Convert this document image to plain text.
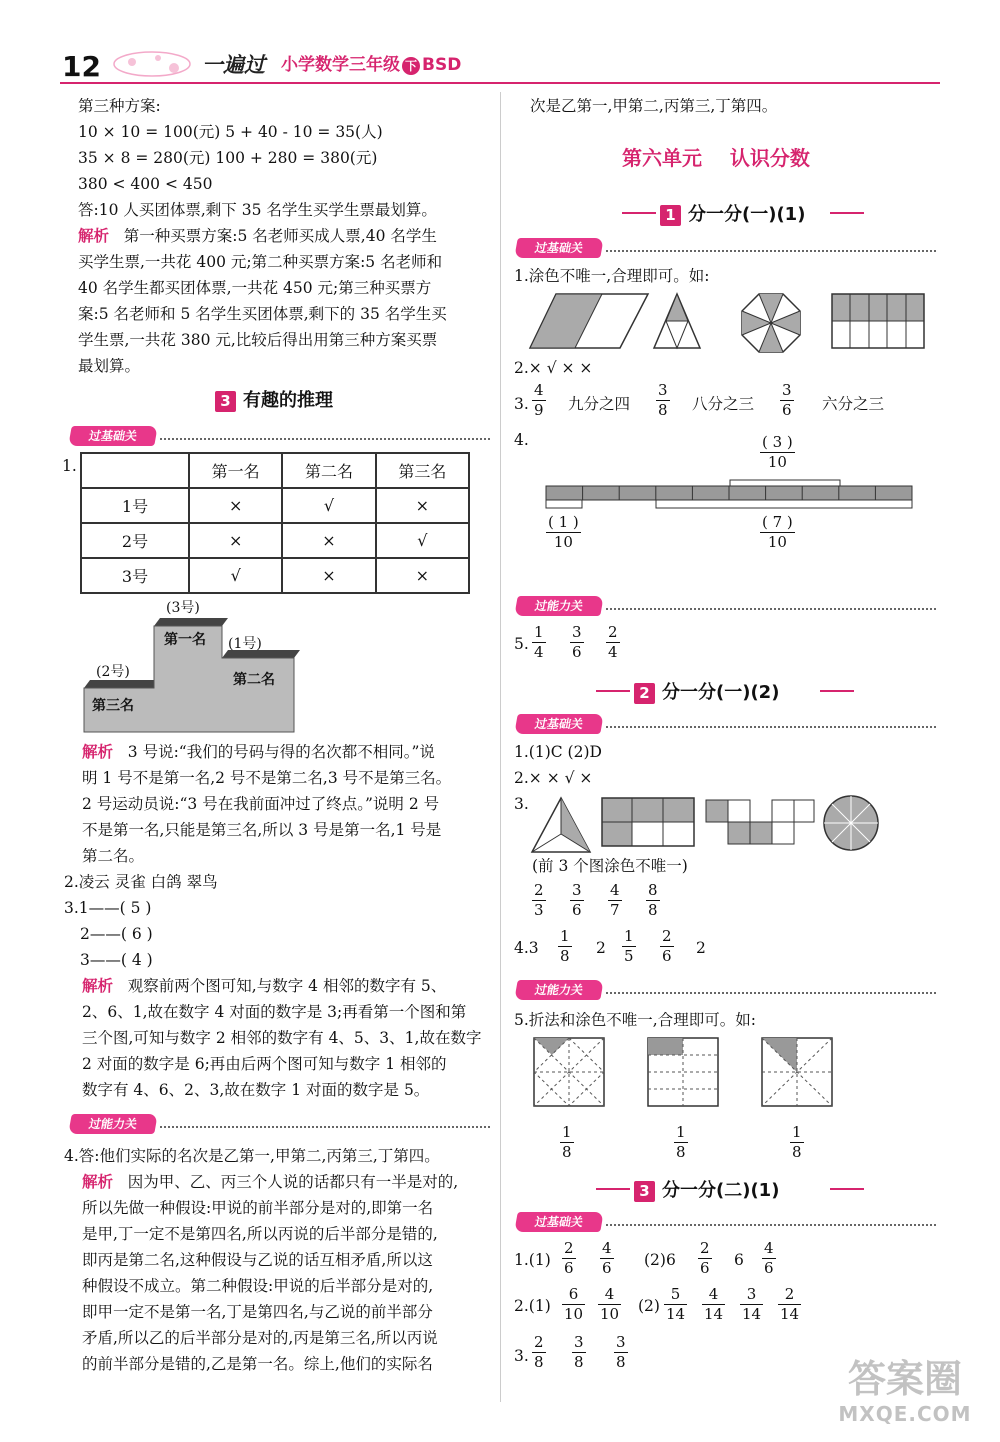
12	一遍过 小学数学三年级 下 BSD
第三种方案:
10 × 10 = 100(元) 5 + 40 - 10 = 35(人)
35 × 8 = 280(元) 100 + 280 = 380(元)
380 < 400 < 450
答:10 人买团体票,剩下 35 名学生买学生票最划算。
解析 第一种买票方案:5 名老师买成人票,40 名学生
买学生票,一共花 400 元;第二种买票方案:5 名老师和
40 名学生都买团体票,一共花 450 元;第三种买票方
案:5 名老师和 5 名学生买团体票,剩下的 35 名学生买
学生票,一共花 380 元,比较后得出用第三种方案买票
最划算。
3 有趣的推理
过基础关
1.
		第一名	第二名	第三名
1号	×	√	×
2号	×	×	√
3号	√	×	×
(3号)
第一名 (1号)
第二名
(2号)
第三名
解析 3 号说:“我们的号码与得的名次都不相同。”说
明 1 号不是第一名,2 号不是第二名,3 号不是第三名。
2 号运动员说:“3 号在我前面冲过了终点。”说明 2 号
不是第一名,只能是第三名,所以 3 号是第一名,1 号是
第二名。
2.凌云 灵雀 白鸽 翠鸟
3.1——( 5 )
2——( 6 )
3——( 4 )
解析 观察前两个图可知,与数字 4 相邻的数字有 5、
2、6、1,故在数字 4 对面的数字是 3;再看第一个图和第
三个图,可知与数字 2 相邻的数字有 4、5、3、1,故在数字
2 对面的数字是 6;再由后两个图可知与数字 1 相邻的
数字有 4、6、2、3,故在数字 1 对面的数字是 5。
过能力关
4.答:他们实际的名次是乙第一,甲第二,丙第三,丁第四。
解析 因为甲、乙、丙三个人说的话都只有一半是对的,
所以先做一种假设:甲说的前半部分是对的,即第一名
是甲,丁一定不是第四名,所以丙说的后半部分是错的,
即丙是第二名,这种假设与乙说的话互相矛盾,所以这
种假设不成立。第二种假设:甲说的后半部分是对的,
即甲一定不是第一名,丁是第四名,与乙说的前半部分
矛盾,所以乙的后半部分是对的,丙是第三名,所以丙说
的前半部分是错的,乙是第一名。综上,他们的实际名
次是乙第一,甲第二,丙第三,丁第四。
第六单元    认识分数
1 分一分(一)(1)
过基础关
1.涂色不唯一,合理即可。如:
2.× √ × ×
3.
4
9 九分之四
3
8 八分之三
3
6 六分之三
4.	( 3 )
10
( 1 )
10
( 7 )
10
过能力关
5.
1
4
3
6
2
4
2 分一分(一)(2)
过基础关
1.(1)C (2)D
2.× × √ ×
3.
(前 3 个图涂色不唯一)
2
3
3
6
4
7
8
8
4.3
1
8 2
1
5
2
6 2
过能力关
5.折法和涂色不唯一,合理即可。如:
1
8
1
8
1
8
3 分一分(二)(1)
过基础关
1.(1)
2
6
4
6 (2)6
2
6 6
4
6
2.(1)
6
10
4
10 (2)
5
14
4
14
3
14
2
14
3.
2
8
3
8
3
8	答案圈
MXQE.COM
